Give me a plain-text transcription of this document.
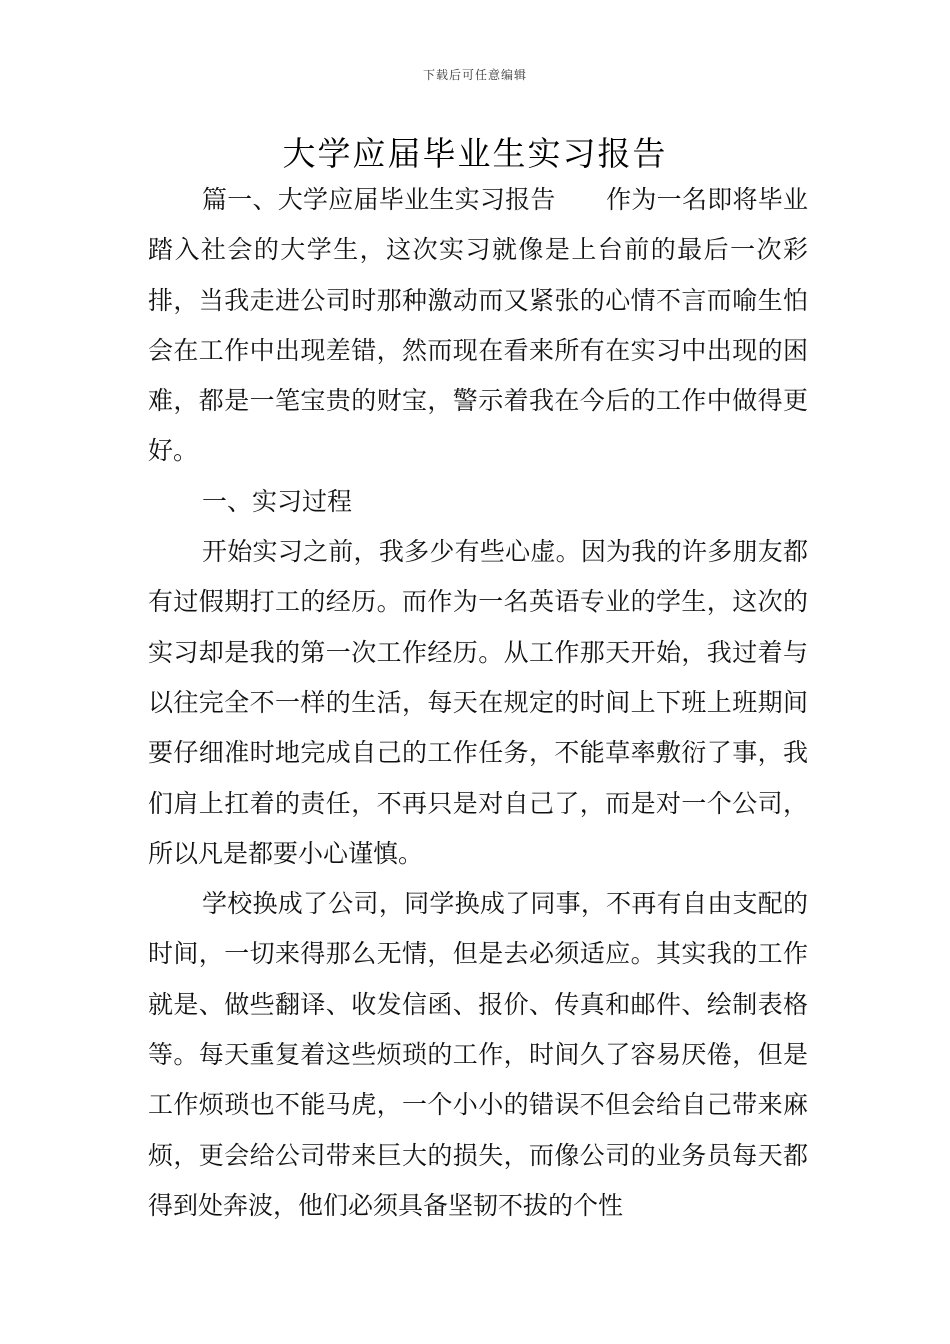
下载后可任意编辑
大学应届毕业生实习报告

篇一、大学应届毕业生实习报告　　作为一名即将毕业踏入社会的大学生，这次实习就像是上台前的最后一次彩排，当我走进公司时那种激动而又紧张的心情不言而喻生怕会在工作中出现差错，然而现在看来所有在实习中出现的困难，都是一笔宝贵的财宝，警示着我在今后的工作中做得更好。

一、实习过程

开始实习之前，我多少有些心虚。因为我的许多朋友都有过假期打工的经历。而作为一名英语专业的学生，这次的实习却是我的第一次工作经历。从工作那天开始，我过着与以往完全不一样的生活，每天在规定的时间上下班上班期间要仔细准时地完成自己的工作任务，不能草率敷衍了事，我们肩上扛着的责任，不再只是对自己了，而是对一个公司，所以凡是都要小心谨慎。

学校换成了公司，同学换成了同事，不再有自由支配的时间，一切来得那么无情，但是去必须适应。其实我的工作就是、做些翻译、收发信函、报价、传真和邮件、绘制表格等。每天重复着这些烦琐的工作，时间久了容易厌倦，但是工作烦琐也不能马虎，一个小小的错误不但会给自己带来麻烦，更会给公司带来巨大的损失，而像公司的业务员每天都得到处奔波，他们必须具备坚韧不拔的个性
